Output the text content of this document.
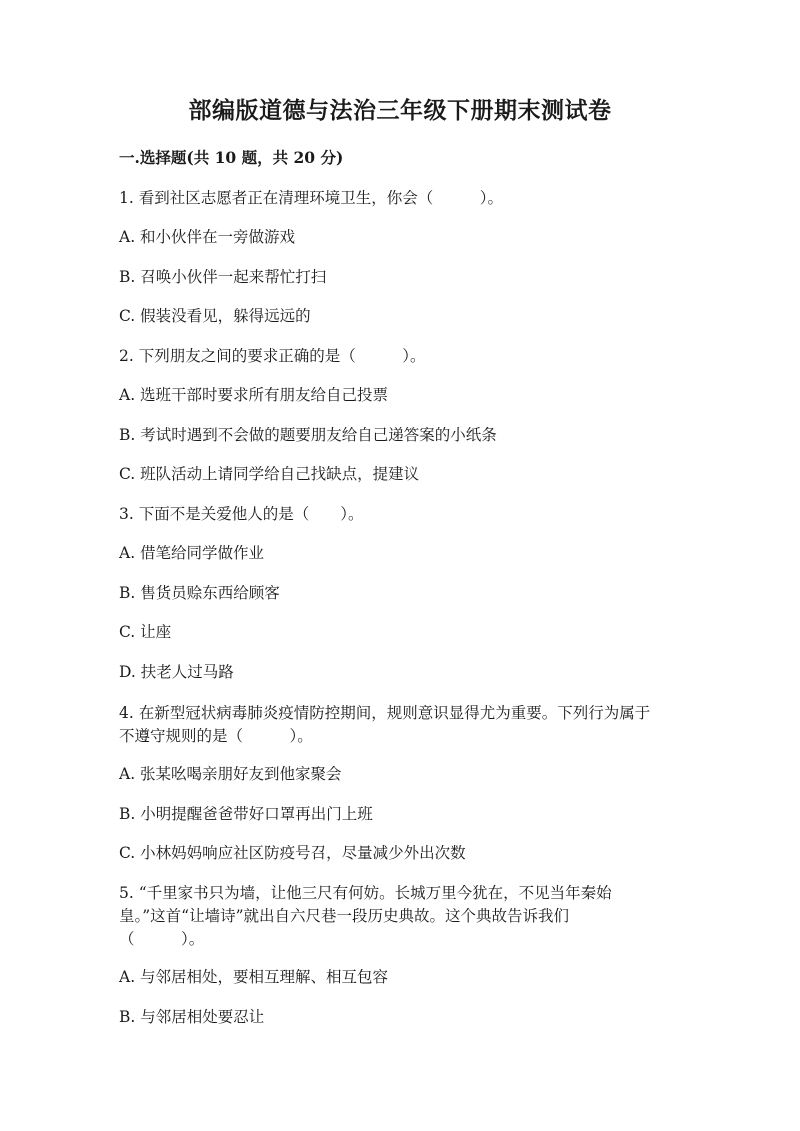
部编版道德与法治三年级下册期末测试卷
一.选择题(共 10 题，共 20 分)

1. 看到社区志愿者正在清理环境卫生，你会（　　　）。

A. 和小伙伴在一旁做游戏

B. 召唤小伙伴一起来帮忙打扫

C. 假装没看见，躲得远远的

2. 下列朋友之间的要求正确的是（　　　）。

A. 选班干部时要求所有朋友给自己投票

B. 考试时遇到不会做的题要朋友给自己递答案的小纸条

C. 班队活动上请同学给自己找缺点，提建议

3. 下面不是关爱他人的是（　　）。

A. 借笔给同学做作业

B. 售货员赊东西给顾客

C. 让座

D. 扶老人过马路

4. 在新型冠状病毒肺炎疫情防控期间，规则意识显得尤为重要。下列行为属于

不遵守规则的是（　　　）。

A. 张某吆喝亲朋好友到他家聚会

B. 小明提醒爸爸带好口罩再出门上班

C. 小林妈妈响应社区防疫号召，尽量减少外出次数

5. “千里家书只为墙，让他三尺有何妨。长城万里今犹在，不见当年秦始

皇。”这首“让墙诗”就出自六尺巷一段历史典故。这个典故告诉我们

（　　　）。

A. 与邻居相处，要相互理解、相互包容

B. 与邻居相处要忍让
